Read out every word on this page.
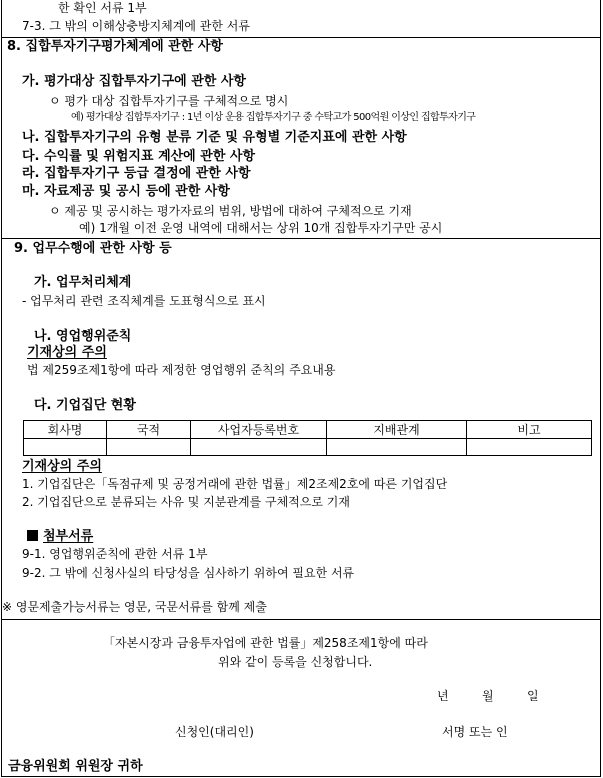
한 확인 서류 1부
7-3. 그 밖의 이해상충방지체계에 관한 서류
8. 집합투자기구평가체계에 관한 사항
가. 평가대상 집합투자기구에 관한 사항
ㅇ 평가 대상 집합투자기구를 구체적으로 명시
예) 평가대상 집합투자기구 : 1년 이상 운용 집합투자기구 중 수탁고가 500억원 이상인 집합투자기구
나. 집합투자기구의 유형 분류 기준 및 유형별 기준지표에 관한 사항
다. 수익률 및 위험지표 계산에 관한 사항
라. 집합투자기구 등급 결정에 관한 사항
마. 자료제공 및 공시 등에 관한 사항
ㅇ 제공 및 공시하는 평가자료의 범위, 방법에 대하여 구체적으로 기재
예) 1개월 이전 운영 내역에 대해서는 상위 10개 집합투자기구만 공시
9. 업무수행에 관한 사항 등
가. 업무처리체계
- 업무처리 관련 조직체계를 도표형식으로 표시
나. 영업행위준칙
기재상의 주의
법 제259조제1항에 따라 제정한 영업행위 준칙의 주요내용
다. 기업집단 현황
회사명	국적	사업자등록번호	지배관계	비고

기재상의 주의
1. 기업집단은「독점규제 및 공정거래에 관한 법률」제2조제2호에 따른 기업집단
2. 기업집단으로 분류되는 사유 및 지분관계를 구체적으로 기재
첨부서류
9-1. 영업행위준칙에 관한 서류 1부
9-2. 그 밖에 신청사실의 타당성을 심사하기 위하여 필요한 서류
※ 영문제출가능서류는 영문, 국문서류를 함께 제출
「자본시장과 금융투자업에 관한 법률」제258조제1항에 따라
위와 같이 등록을 신청합니다.
년	월	일
신청인(대리인)	서명 또는 인
금융위원회 위원장 귀하
